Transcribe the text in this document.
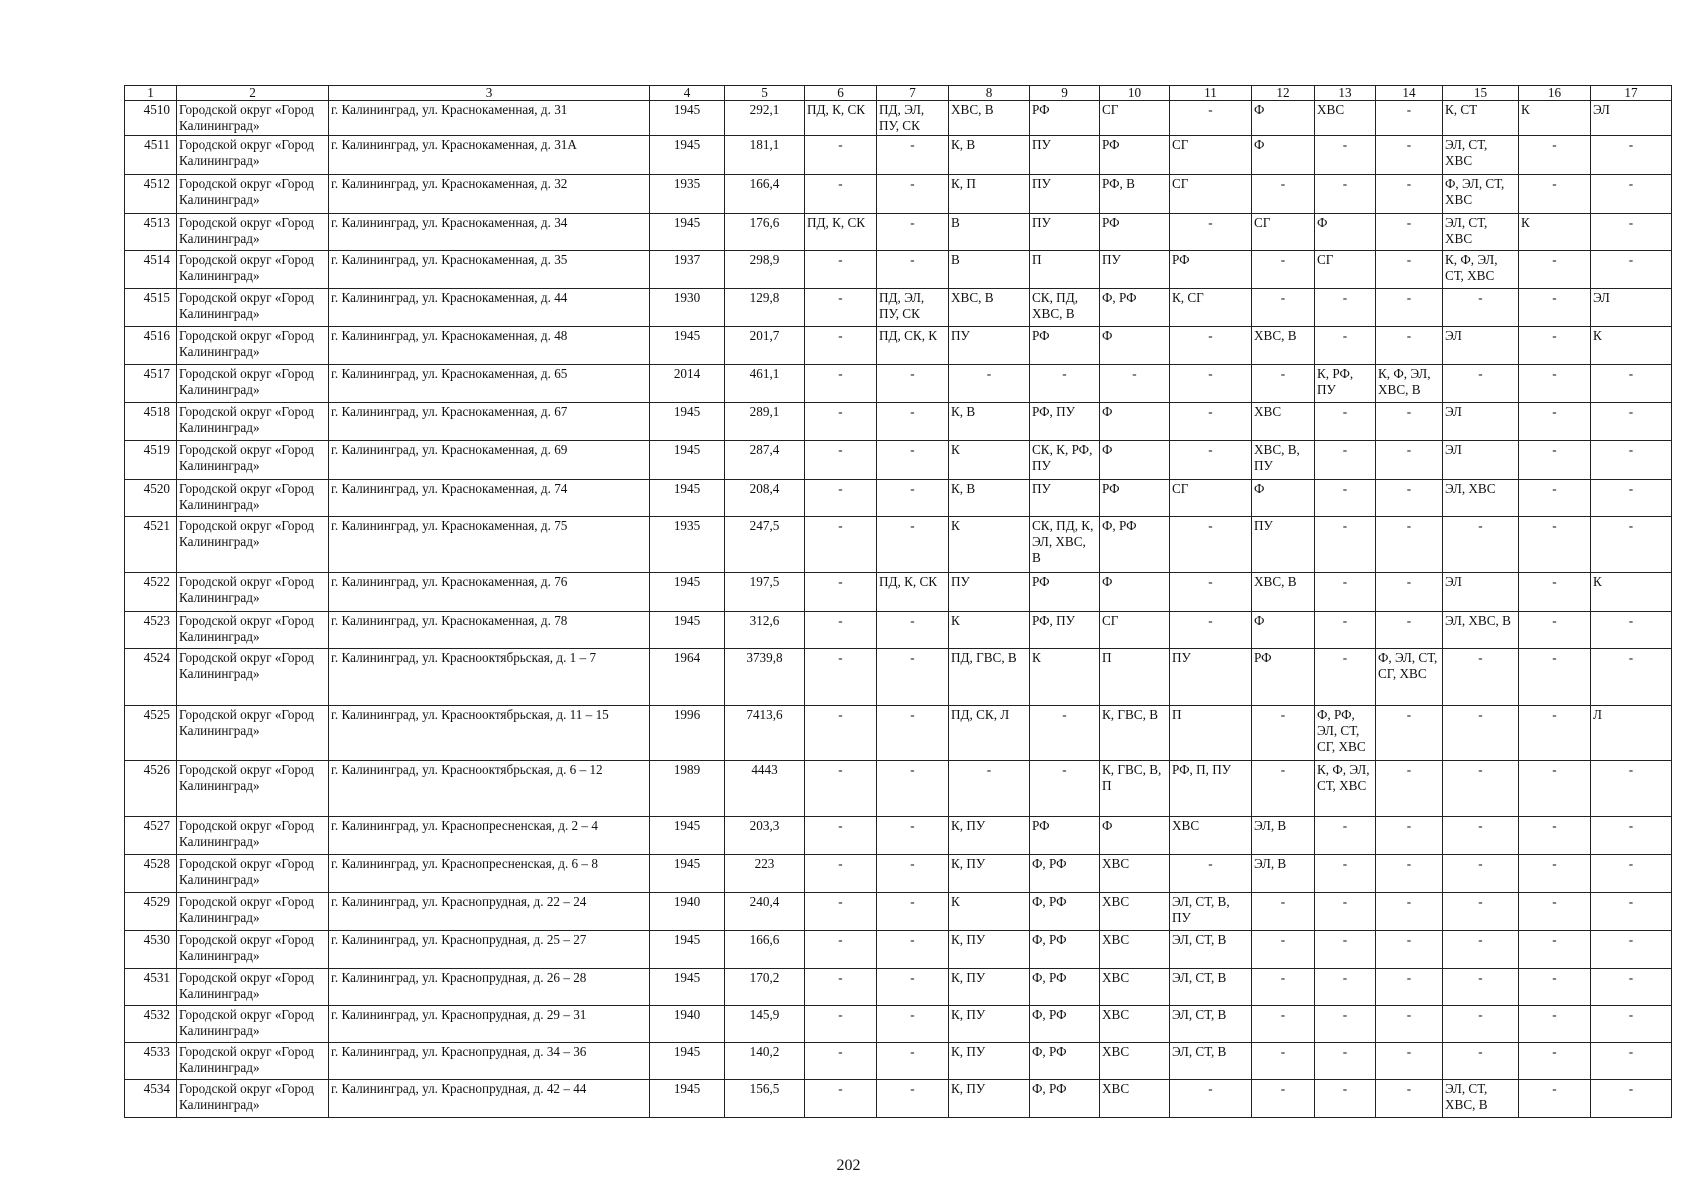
1	2	3	4	5	6	7	8	9	10	11	12	13	14	15	16	17
4510	Городской округ «Город Калининград»	г. Калининград, ул. Краснокаменная, д. 31	1945	292,1	ПД, К, СК	ПД, ЭЛ, ПУ, СК	ХВС, В	РФ	СГ	-	Ф	ХВС	-	К, СТ	К	ЭЛ
4511	Городской округ «Город Калининград»	г. Калининград, ул. Краснокаменная, д. 31А	1945	181,1	-	-	К, В	ПУ	РФ	СГ	Ф	-	-	ЭЛ, СТ, ХВС	-	-
4512	Городской округ «Город Калининград»	г. Калининград, ул. Краснокаменная, д. 32	1935	166,4	-	-	К, П	ПУ	РФ, В	СГ	-	-	-	Ф, ЭЛ, СТ, ХВС	-	-
4513	Городской округ «Город Калининград»	г. Калининград, ул. Краснокаменная, д. 34	1945	176,6	ПД, К, СК	-	В	ПУ	РФ	-	СГ	Ф	-	ЭЛ, СТ, ХВС	К	-
4514	Городской округ «Город Калининград»	г. Калининград, ул. Краснокаменная, д. 35	1937	298,9	-	-	В	П	ПУ	РФ	-	СГ	-	К, Ф, ЭЛ, СТ, ХВС	-	-
4515	Городской округ «Город Калининград»	г. Калининград, ул. Краснокаменная, д. 44	1930	129,8	-	ПД, ЭЛ, ПУ, СК	ХВС, В	СК, ПД, ХВС, В	Ф, РФ	К, СГ	-	-	-	-	-	ЭЛ
4516	Городской округ «Город Калининград»	г. Калининград, ул. Краснокаменная, д. 48	1945	201,7	-	ПД, СК, К	ПУ	РФ	Ф	-	ХВС, В	-	-	ЭЛ	-	К
4517	Городской округ «Город Калининград»	г. Калининград, ул. Краснокаменная, д. 65	2014	461,1	-	-	-	-	-	-	-	К, РФ, ПУ	К, Ф, ЭЛ, ХВС, В	-	-	-
4518	Городской округ «Город Калининград»	г. Калининград, ул. Краснокаменная, д. 67	1945	289,1	-	-	К, В	РФ, ПУ	Ф	-	ХВС	-	-	ЭЛ	-	-
4519	Городской округ «Город Калининград»	г. Калининград, ул. Краснокаменная, д. 69	1945	287,4	-	-	К	СК, К, РФ, ПУ	Ф	-	ХВС, В, ПУ	-	-	ЭЛ	-	-
4520	Городской округ «Город Калининград»	г. Калининград, ул. Краснокаменная, д. 74	1945	208,4	-	-	К, В	ПУ	РФ	СГ	Ф	-	-	ЭЛ, ХВС	-	-
4521	Городской округ «Город Калининград»	г. Калининград, ул. Краснокаменная, д. 75	1935	247,5	-	-	К	СК, ПД, К, ЭЛ, ХВС, В	Ф, РФ	-	ПУ	-	-	-	-	-
4522	Городской округ «Город Калининград»	г. Калининград, ул. Краснокаменная, д. 76	1945	197,5	-	ПД, К, СК	ПУ	РФ	Ф	-	ХВС, В	-	-	ЭЛ	-	К
4523	Городской округ «Город Калининград»	г. Калининград, ул. Краснокаменная, д. 78	1945	312,6	-	-	К	РФ, ПУ	СГ	-	Ф	-	-	ЭЛ, ХВС, В	-	-
4524	Городской округ «Город Калининград»	г. Калининград, ул. Краснооктябрьская, д. 1 – 7	1964	3739,8	-	-	ПД, ГВС, В	К	П	ПУ	РФ	-	Ф, ЭЛ, СТ, СГ, ХВС	-	-	-
4525	Городской округ «Город Калининград»	г. Калининград, ул. Краснооктябрьская, д. 11 – 15	1996	7413,6	-	-	ПД, СК, Л	-	К, ГВС, В	П	-	Ф, РФ, ЭЛ, СТ, СГ, ХВС	-	-	-	Л
4526	Городской округ «Город Калининград»	г. Калининград, ул. Краснооктябрьская, д. 6 – 12	1989	4443	-	-	-	-	К, ГВС, В, П	РФ, П, ПУ	-	К, Ф, ЭЛ, СТ, ХВС	-	-	-	-
4527	Городской округ «Город Калининград»	г. Калининград, ул. Краснопресненская, д. 2 – 4	1945	203,3	-	-	К, ПУ	РФ	Ф	ХВС	ЭЛ, В	-	-	-	-	-
4528	Городской округ «Город Калининград»	г. Калининград, ул. Краснопресненская, д. 6 – 8	1945	223	-	-	К, ПУ	Ф, РФ	ХВС	-	ЭЛ, В	-	-	-	-	-
4529	Городской округ «Город Калининград»	г. Калининград, ул. Краснопрудная, д. 22 – 24	1940	240,4	-	-	К	Ф, РФ	ХВС	ЭЛ, СТ, В, ПУ	-	-	-	-	-	-
4530	Городской округ «Город Калининград»	г. Калининград, ул. Краснопрудная, д. 25 – 27	1945	166,6	-	-	К, ПУ	Ф, РФ	ХВС	ЭЛ, СТ, В	-	-	-	-	-	-
4531	Городской округ «Город Калининград»	г. Калининград, ул. Краснопрудная, д. 26 – 28	1945	170,2	-	-	К, ПУ	Ф, РФ	ХВС	ЭЛ, СТ, В	-	-	-	-	-	-
4532	Городской округ «Город Калининград»	г. Калининград, ул. Краснопрудная, д. 29 – 31	1940	145,9	-	-	К, ПУ	Ф, РФ	ХВС	ЭЛ, СТ, В	-	-	-	-	-	-
4533	Городской округ «Город Калининград»	г. Калининград, ул. Краснопрудная, д. 34 – 36	1945	140,2	-	-	К, ПУ	Ф, РФ	ХВС	ЭЛ, СТ, В	-	-	-	-	-	-
4534	Городской округ «Город Калининград»	г. Калининград, ул. Краснопрудная, д. 42 – 44	1945	156,5	-	-	К, ПУ	Ф, РФ	ХВС	-	-	-	-	ЭЛ, СТ, ХВС, В	-	-
202
